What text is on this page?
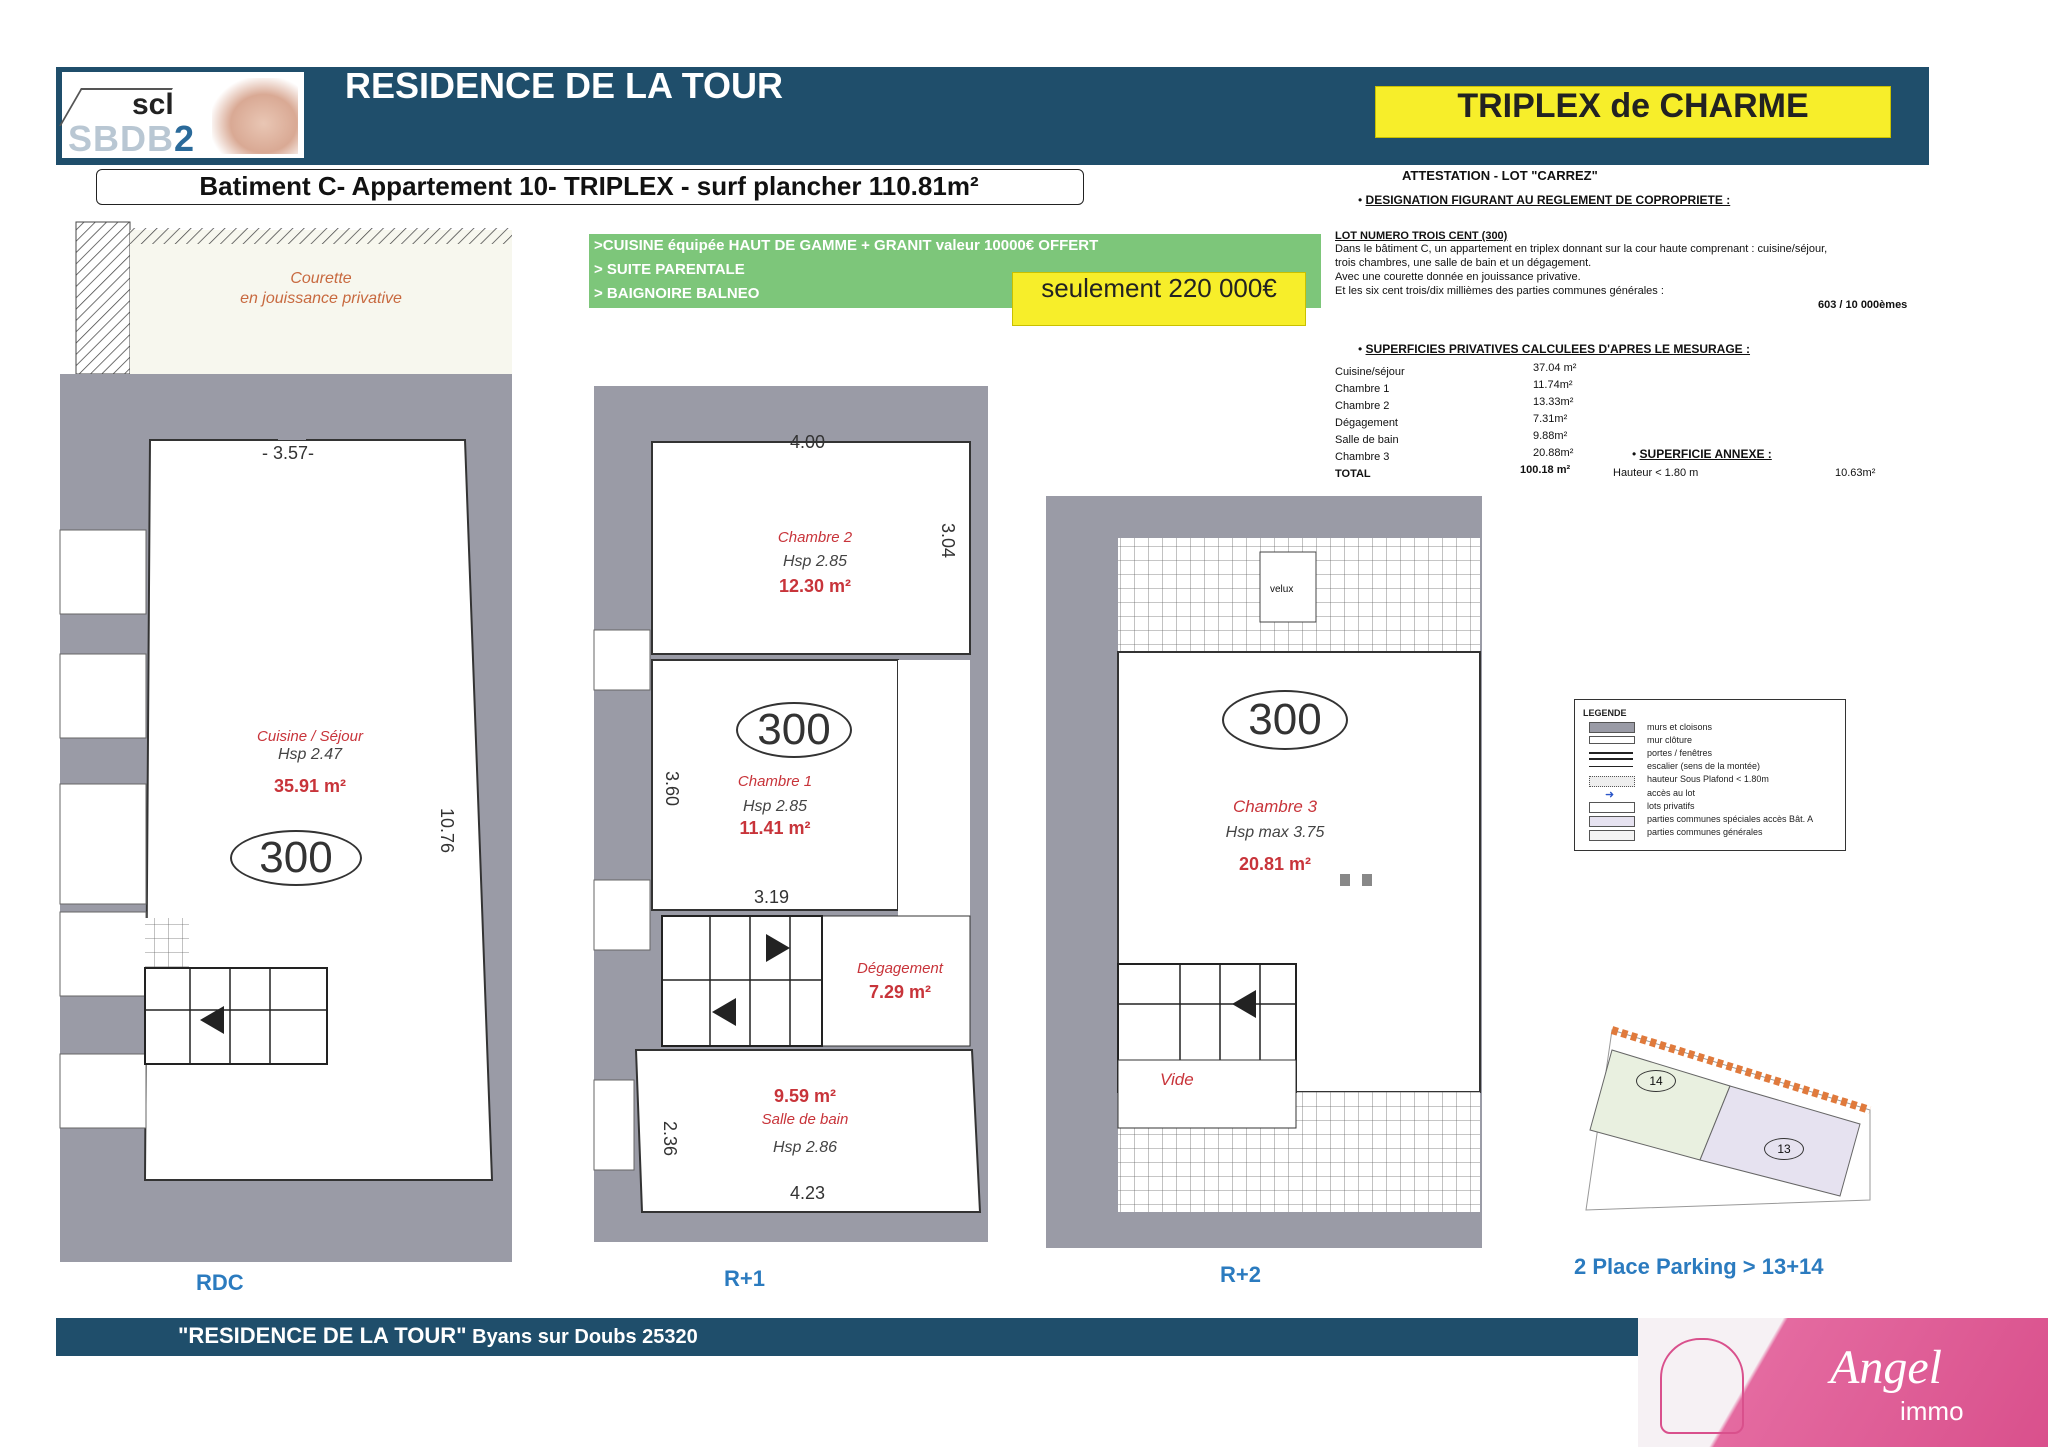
scl
SBDB2
RESIDENCE DE LA TOUR	TRIPLEX de CHARME
Batiment C- Appartement 10- TRIPLEX - surf plancher 110.81m²
>CUISINE équipée HAUT DE GAMME + GRANIT valeur 10000€ OFFERT
> SUITE PARENTALE
> BAIGNOIRE BALNEO	seulement 220 000€
ATTESTATION - LOT "CARREZ"
• DESIGNATION FIGURANT AU REGLEMENT DE COPROPRIETE :
LOT NUMERO TROIS CENT (300)
Dans le bâtiment C, un appartement en triplex donnant sur la cour haute comprenant : cuisine/séjour,
trois chambres, une salle de bain et un dégagement.
Avec une courette donnée en jouissance privative.
Et les six cent trois/dix millièmes des parties communes générales :
603 / 10 000èmes
• SUPERFICIES PRIVATIVES CALCULEES D'APRES LE MESURAGE :
Cuisine/séjour	37.04 m²
Chambre 1	11.74m²
Chambre 2	13.33m²
Dégagement	7.31m²
Salle de bain	9.88m²
Chambre 3	20.88m²
TOTAL	100.18 m²
• SUPERFICIE ANNEXE :
Hauteur < 1.80 m	10.63m²
Courette
en jouissance privative
- 3.57-
10.76
Cuisine / Séjour
Hsp 2.47
35.91 m²
300
RDC
4.00
3.04
Chambre 2
Hsp 2.85
12.30 m²
300
3.60	Chambre 1
Hsp 2.85
11.41 m²
3.19
Dégagement
7.29 m²
9.59 m²
Salle de bain
Hsp 2.86
2.36
4.23
R+1
velux
300
Chambre 3
Hsp max 3.75
20.81 m²
Vide
R+2
LEGENDE
murs et cloisons
mur clôture
portes / fenêtres
escalier (sens de la montée)
hauteur Sous Plafond < 1.80m
➜	accès au lot
lots privatifs
parties communes spéciales accès Bât. A
parties communes générales
14
13
2 Place Parking > 13+14
"RESIDENCE DE LA TOUR" Byans sur Doubs 25320
Angel
immo
